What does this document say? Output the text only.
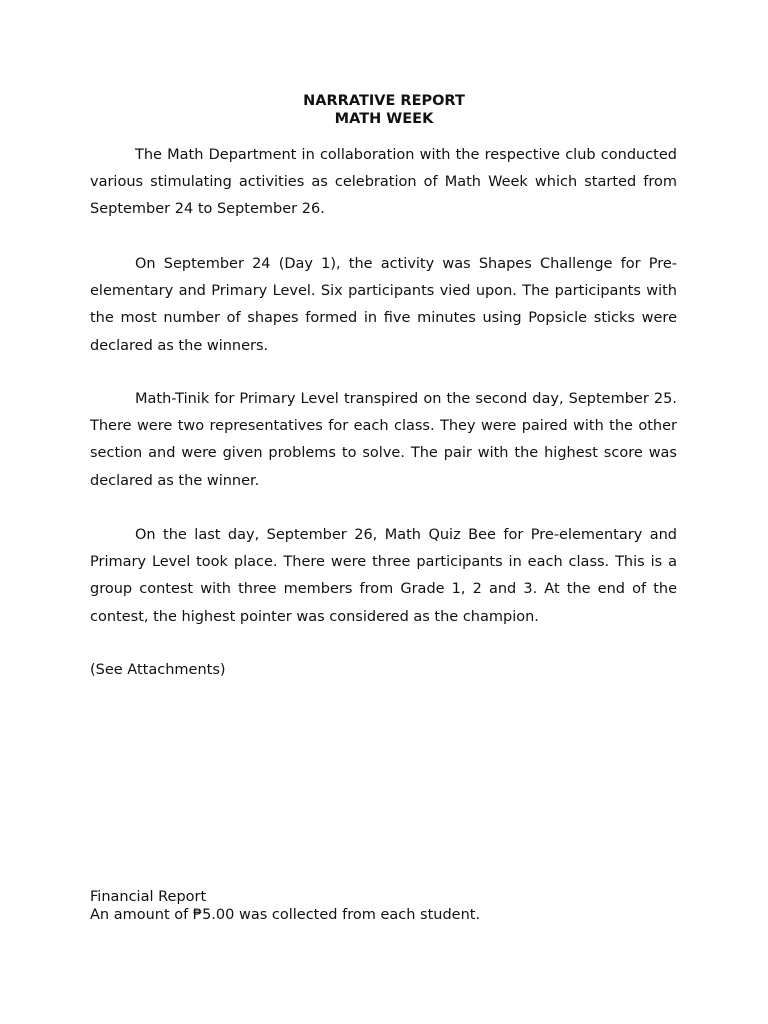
NARRATIVE REPORT

MATH WEEK

The Math Department in collaboration with the respective club conducted various stimulating activities as celebration of Math Week which started from September 24 to September 26.

On September 24 (Day 1), the activity was Shapes Challenge for Pre-elementary and Primary Level. Six participants vied upon. The participants with the most number of shapes formed in five minutes using Popsicle sticks were declared as the winners.

Math-Tinik for Primary Level transpired on the second day, September 25. There were two representatives for each class. They were paired with the other section and were given problems to solve. The pair with the highest score was declared as the winner.

On the last day, September 26, Math Quiz Bee for Pre-elementary and Primary Level took place. There were three participants in each class. This is a group contest with three members from Grade 1, 2 and 3. At the end of the contest, the highest pointer was considered as the champion.

(See Attachments)

Financial Report

An amount of ₱5.00 was collected from each student.
